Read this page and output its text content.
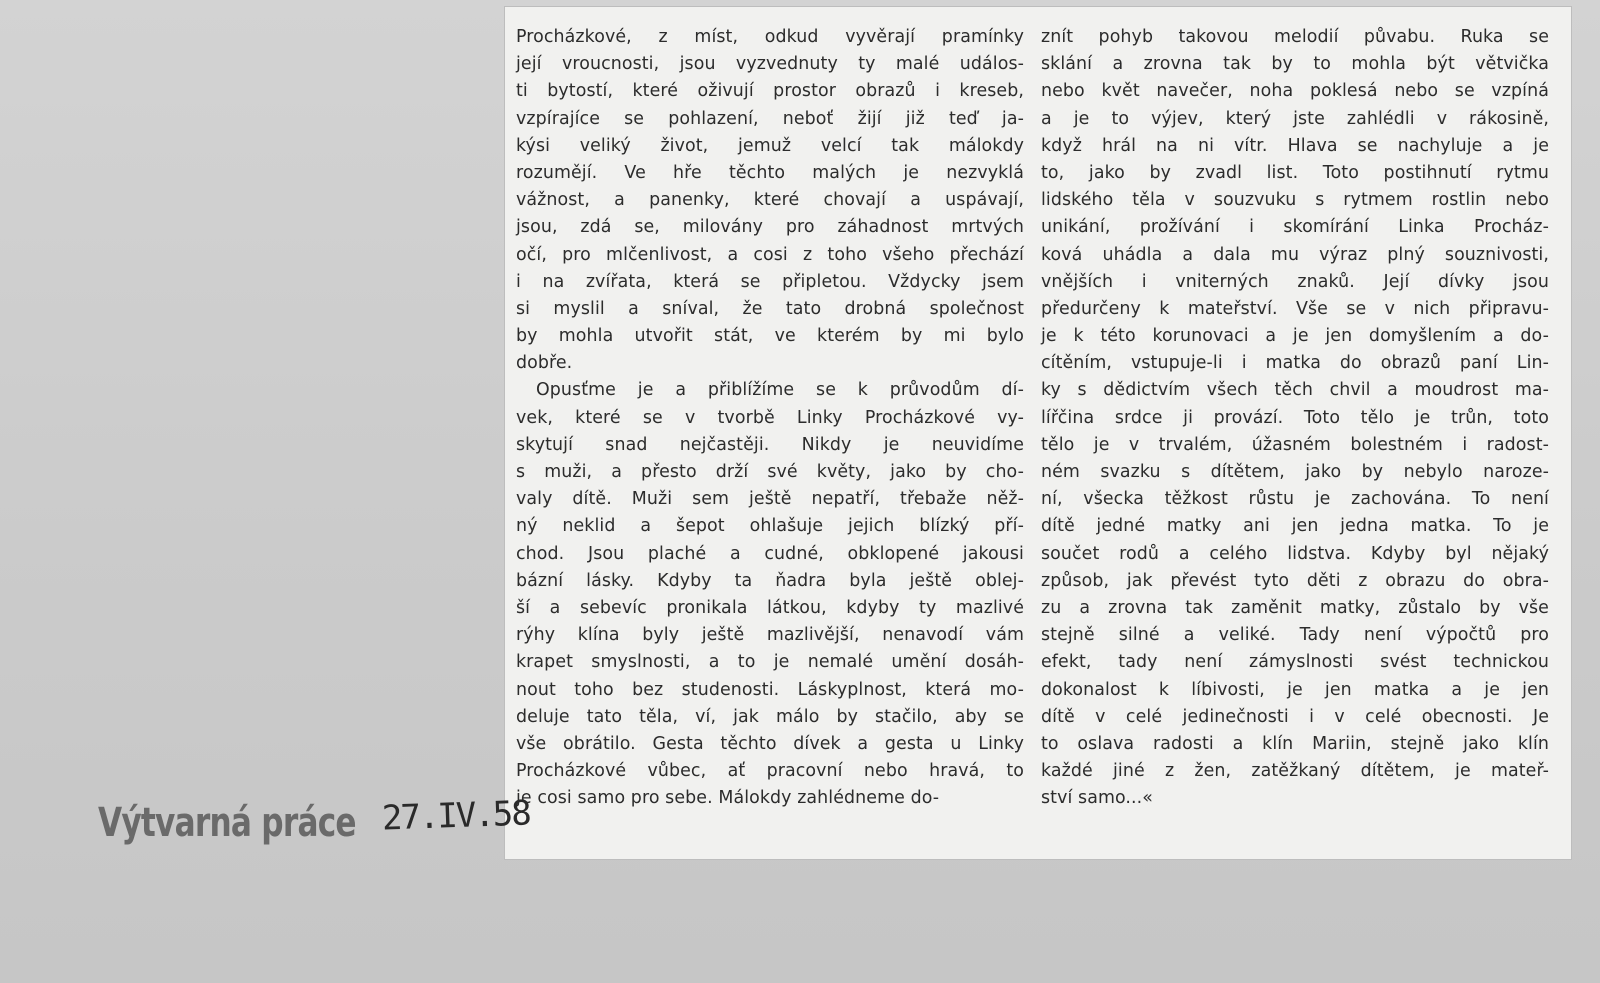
Procházkové, z míst, odkud vyvěrají pramínky
její vroucnosti, jsou vyzvednuty ty malé událos-
ti bytostí, které oživují prostor obrazů i kreseb,
vzpírajíce se pohlazení, neboť žijí již teď ja-
kýsi veliký život, jemuž velcí tak málokdy
rozumějí. Ve hře těchto malých je nezvyklá
vážnost, a panenky, které chovají a uspávají,
jsou, zdá se, milovány pro záhadnost mrtvých
očí, pro mlčenlivost, a cosi z toho všeho přechází
i na zvířata, která se připletou. Vždycky jsem
si myslil a sníval, že tato drobná společnost
by mohla utvořit stát, ve kterém by mi bylo
dobře.
Opusťme je a přiblížíme se k průvodům dí-
vek, které se v tvorbě Linky Procházkové vy-
skytují snad nejčastěji. Nikdy je neuvidíme
s muži, a přesto drží své květy, jako by cho-
valy dítě. Muži sem ještě nepatří, třebaže něž-
ný neklid a šepot ohlašuje jejich blízký pří-
chod. Jsou plaché a cudné, obklopené jakousi
bázní lásky. Kdyby ta ňadra byla ještě oblej-
ší a sebevíc pronikala látkou, kdyby ty mazlivé
rýhy klína byly ještě mazlivější, nenavodí vám
krapet smyslnosti, a to je nemalé umění dosáh-
nout toho bez studenosti. Láskyplnost, která mo-
deluje tato těla, ví, jak málo by stačilo, aby se
vše obrátilo. Gesta těchto dívek a gesta u Linky
Procházkové vůbec, ať pracovní nebo hravá, to
je cosi samo pro sebe. Málokdy zahlédneme do-
znít pohyb takovou melodií půvabu. Ruka se
sklání a zrovna tak by to mohla být větvička
nebo květ navečer, noha poklesá nebo se vzpíná
a je to výjev, který jste zahlédli v rákosině,
když hrál na ni vítr. Hlava se nachyluje a je
to, jako by zvadl list. Toto postihnutí rytmu
lidského těla v souzvuku s rytmem rostlin nebo
unikání, prožívání i skomírání Linka Procház-
ková uhádla a dala mu výraz plný souznivosti,
vnějších i vniterných znaků. Její dívky jsou
předurčeny k mateřství. Vše se v nich připravu-
je k této korunovaci a je jen domyšlením a do-
cítěním, vstupuje-li i matka do obrazů paní Lin-
ky s dědictvím všech těch chvil a moudrost ma-
lířčina srdce ji provází. Toto tělo je trůn, toto
tělo je v trvalém, úžasném bolestném i radost-
ném svazku s dítětem, jako by nebylo naroze-
ní, všecka těžkost růstu je zachována. To není
dítě jedné matky ani jen jedna matka. To je
součet rodů a celého lidstva. Kdyby byl nějaký
způsob, jak převést tyto děti z obrazu do obra-
zu a zrovna tak zaměnit matky, zůstalo by vše
stejně silné a veliké. Tady není výpočtů pro
efekt, tady není zámyslnosti svést technickou
dokonalost k líbivosti, je jen matka a je jen
dítě v celé jedinečnosti i v celé obecnosti. Je
to oslava radosti a klín Mariin, stejně jako klín
každé jiné z žen, zatěžkaný dítětem, je mateř-
ství samo...«
Výtvarná práce 27.IV.58
